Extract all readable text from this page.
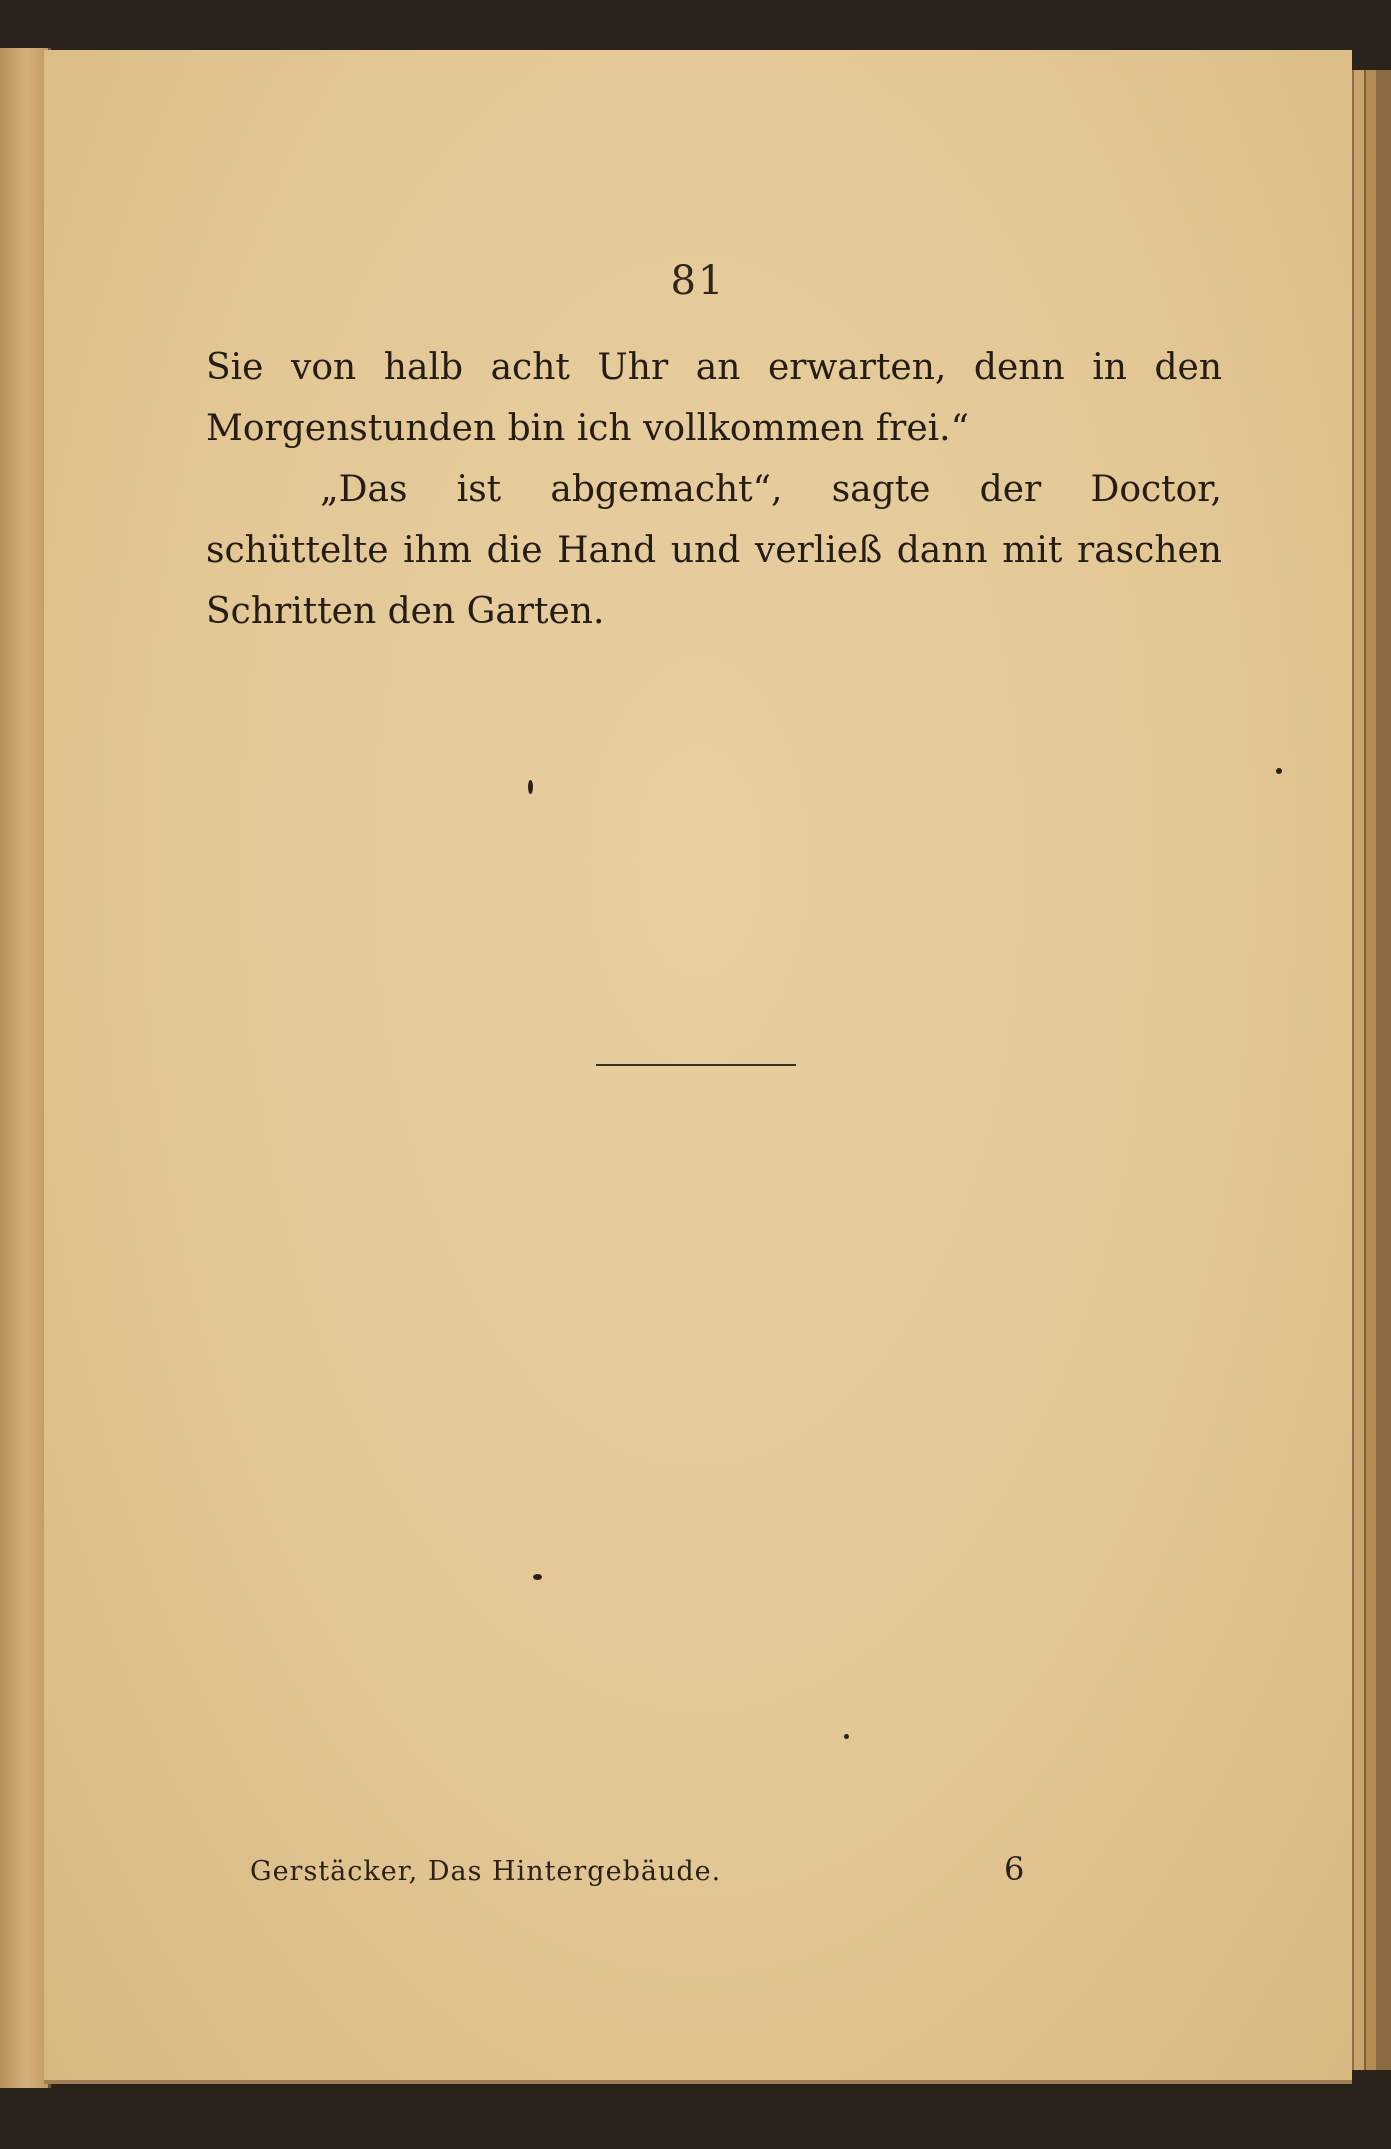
81

Sie von halb acht Uhr an erwarten, denn in den Morgenstunden bin ich vollkommen frei.“

„Das ist abgemacht“, sagte der Doctor, schüttelte ihm die Hand und verließ dann mit raschen Schritten den Garten.

Gerstäcker, Das Hintergebäude.	6
